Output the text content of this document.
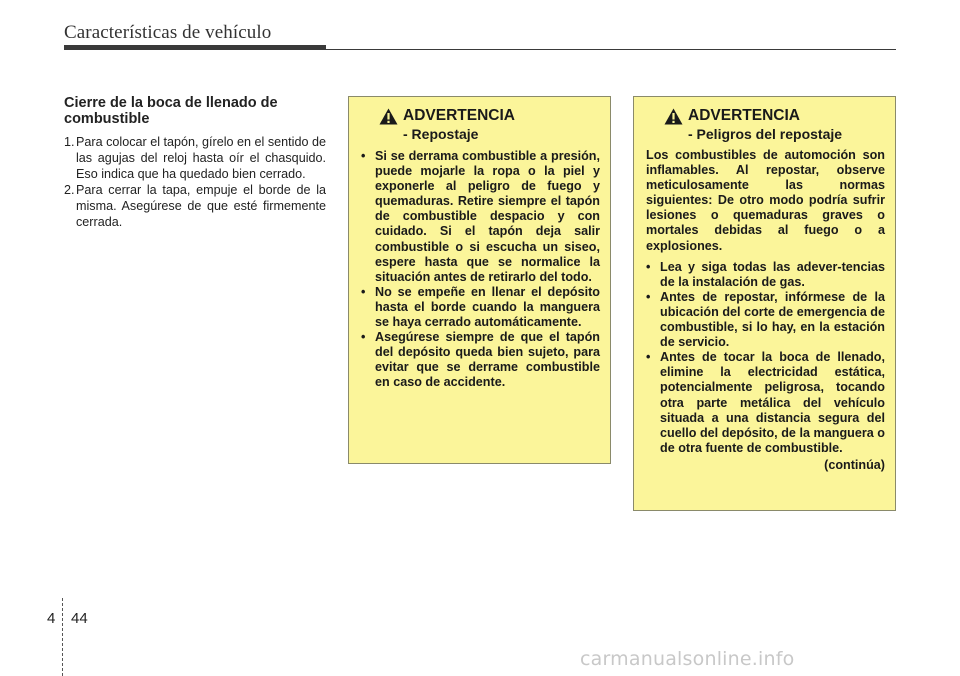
Características de vehículo
Cierre de la boca de llenado de combustible
1. Para colocar el tapón, gírelo en el sentido de las agujas del reloj hasta oír el chasquido. Eso indica que ha quedado bien cerrado.
2. Para cerrar la tapa, empuje el borde de la misma. Asegúrese de que esté firmemente cerrada.
ADVERTENCIA
- Repostaje
• Si se derrama combustible a presión, puede mojarle la ropa o la piel y exponerle al peligro de fuego y quemaduras. Retire siempre el tapón de combustible despacio y con cuidado. Si el tapón deja salir combustible o si escucha un siseo, espere hasta que se normalice la situación antes de retirarlo del todo.
• No se empeñe en llenar el depósito hasta el borde cuando la manguera se haya cerrado automáticamente.
• Asegúrese siempre de que el tapón del depósito queda bien sujeto, para evitar que se derrame combustible en caso de accidente.
ADVERTENCIA
- Peligros del repostaje
Los combustibles de automoción son inflamables. Al repostar, observe meticulosamente las normas siguientes: De otro modo podría sufrir lesiones o quemaduras graves o mortales debidas al fuego o a explosiones.
• Lea y siga todas las adever-tencias de la instalación de gas.
• Antes de repostar, infórmese de la ubicación del corte de emergencia de combustible, si lo hay, en la estación de servicio.
• Antes de tocar la boca de llenado, elimine la electricidad estática, potencialmente peligrosa, tocando otra parte metálica del vehículo situada a una distancia segura del cuello del depósito, de la manguera o de otra fuente de combustible.
(continúa)
4 44
carmanualsonline.info
